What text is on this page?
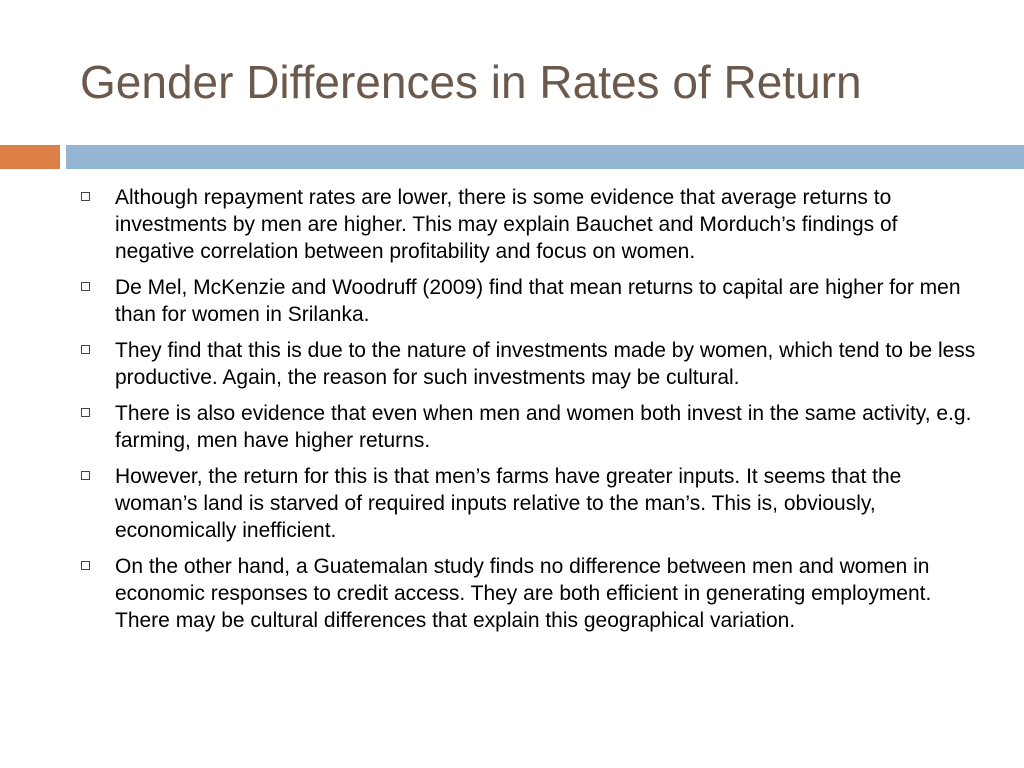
Gender Differences in Rates of Return
Although repayment rates are lower, there is some evidence that average returns to investments by men are higher. This may explain Bauchet and Morduch’s findings of negative correlation between profitability and focus on women.
De Mel, McKenzie and Woodruff (2009) find that mean returns to capital are higher for men than for women in Srilanka.
They find that this is due to the nature of investments made by women, which tend to be less productive. Again, the reason for such investments may be cultural.
There is also evidence that even when men and women both invest in the same activity, e.g. farming, men have higher returns.
However, the return for this is that men’s farms have greater inputs. It seems that the woman’s land is starved of required inputs relative to the man’s. This is, obviously, economically inefficient.
On the other hand, a Guatemalan study finds no difference between men and women in economic responses to credit access. They are both efficient in generating employment. There may be cultural differences that explain this geographical variation.
